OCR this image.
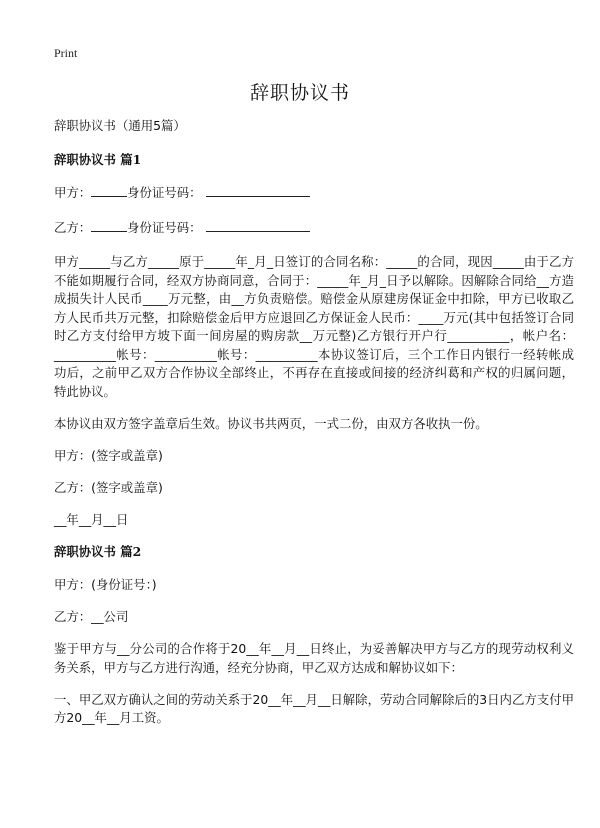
Print
辞职协议书

辞职协议书（通用5篇）

辞职协议书 篇1

甲方：	身份证号码：

乙方：	身份证号码：

甲方_____与乙方_____原于_____年_月_日签订的合同名称：_____的合同，现因_____由于乙方不能如期履行合同，经双方协商同意，合同于：_____年_月_日予以解除。因解除合同给__方造成损失计人民币____万元整，由__方负责赔偿。赔偿金从原建房保证金中扣除，甲方已收取乙方人民币共万元整，扣除赔偿金后甲方应退回乙方保证金人民币：____万元(其中包括签订合同时乙方支付给甲方坡下面一间房屋的购房款__万元整)乙方银行开户行__________，帐户名：__________帐号：__________帐号：__________本协议签订后，三个工作日内银行一经转帐成功后，之前甲乙双方合作协议全部终止，不再存在直接或间接的经济纠葛和产权的归属问题，特此协议。

本协议由双方签字盖章后生效。协议书共两页，一式二份，由双方各收执一份。

甲方：(签字或盖章)

乙方：(签字或盖章)

__年__月__日

辞职协议书 篇2

甲方：(身份证号：)

乙方：__公司

鉴于甲方与__分公司的合作将于20__年__月__日终止，为妥善解决甲方与乙方的现劳动权利义务关系，甲方与乙方进行沟通，经充分协商，甲乙双方达成和解协议如下：

一、甲乙双方确认之间的劳动关系于20__年__月__日解除，劳动合同解除后的3日内乙方支付甲方20__年__月工资。
